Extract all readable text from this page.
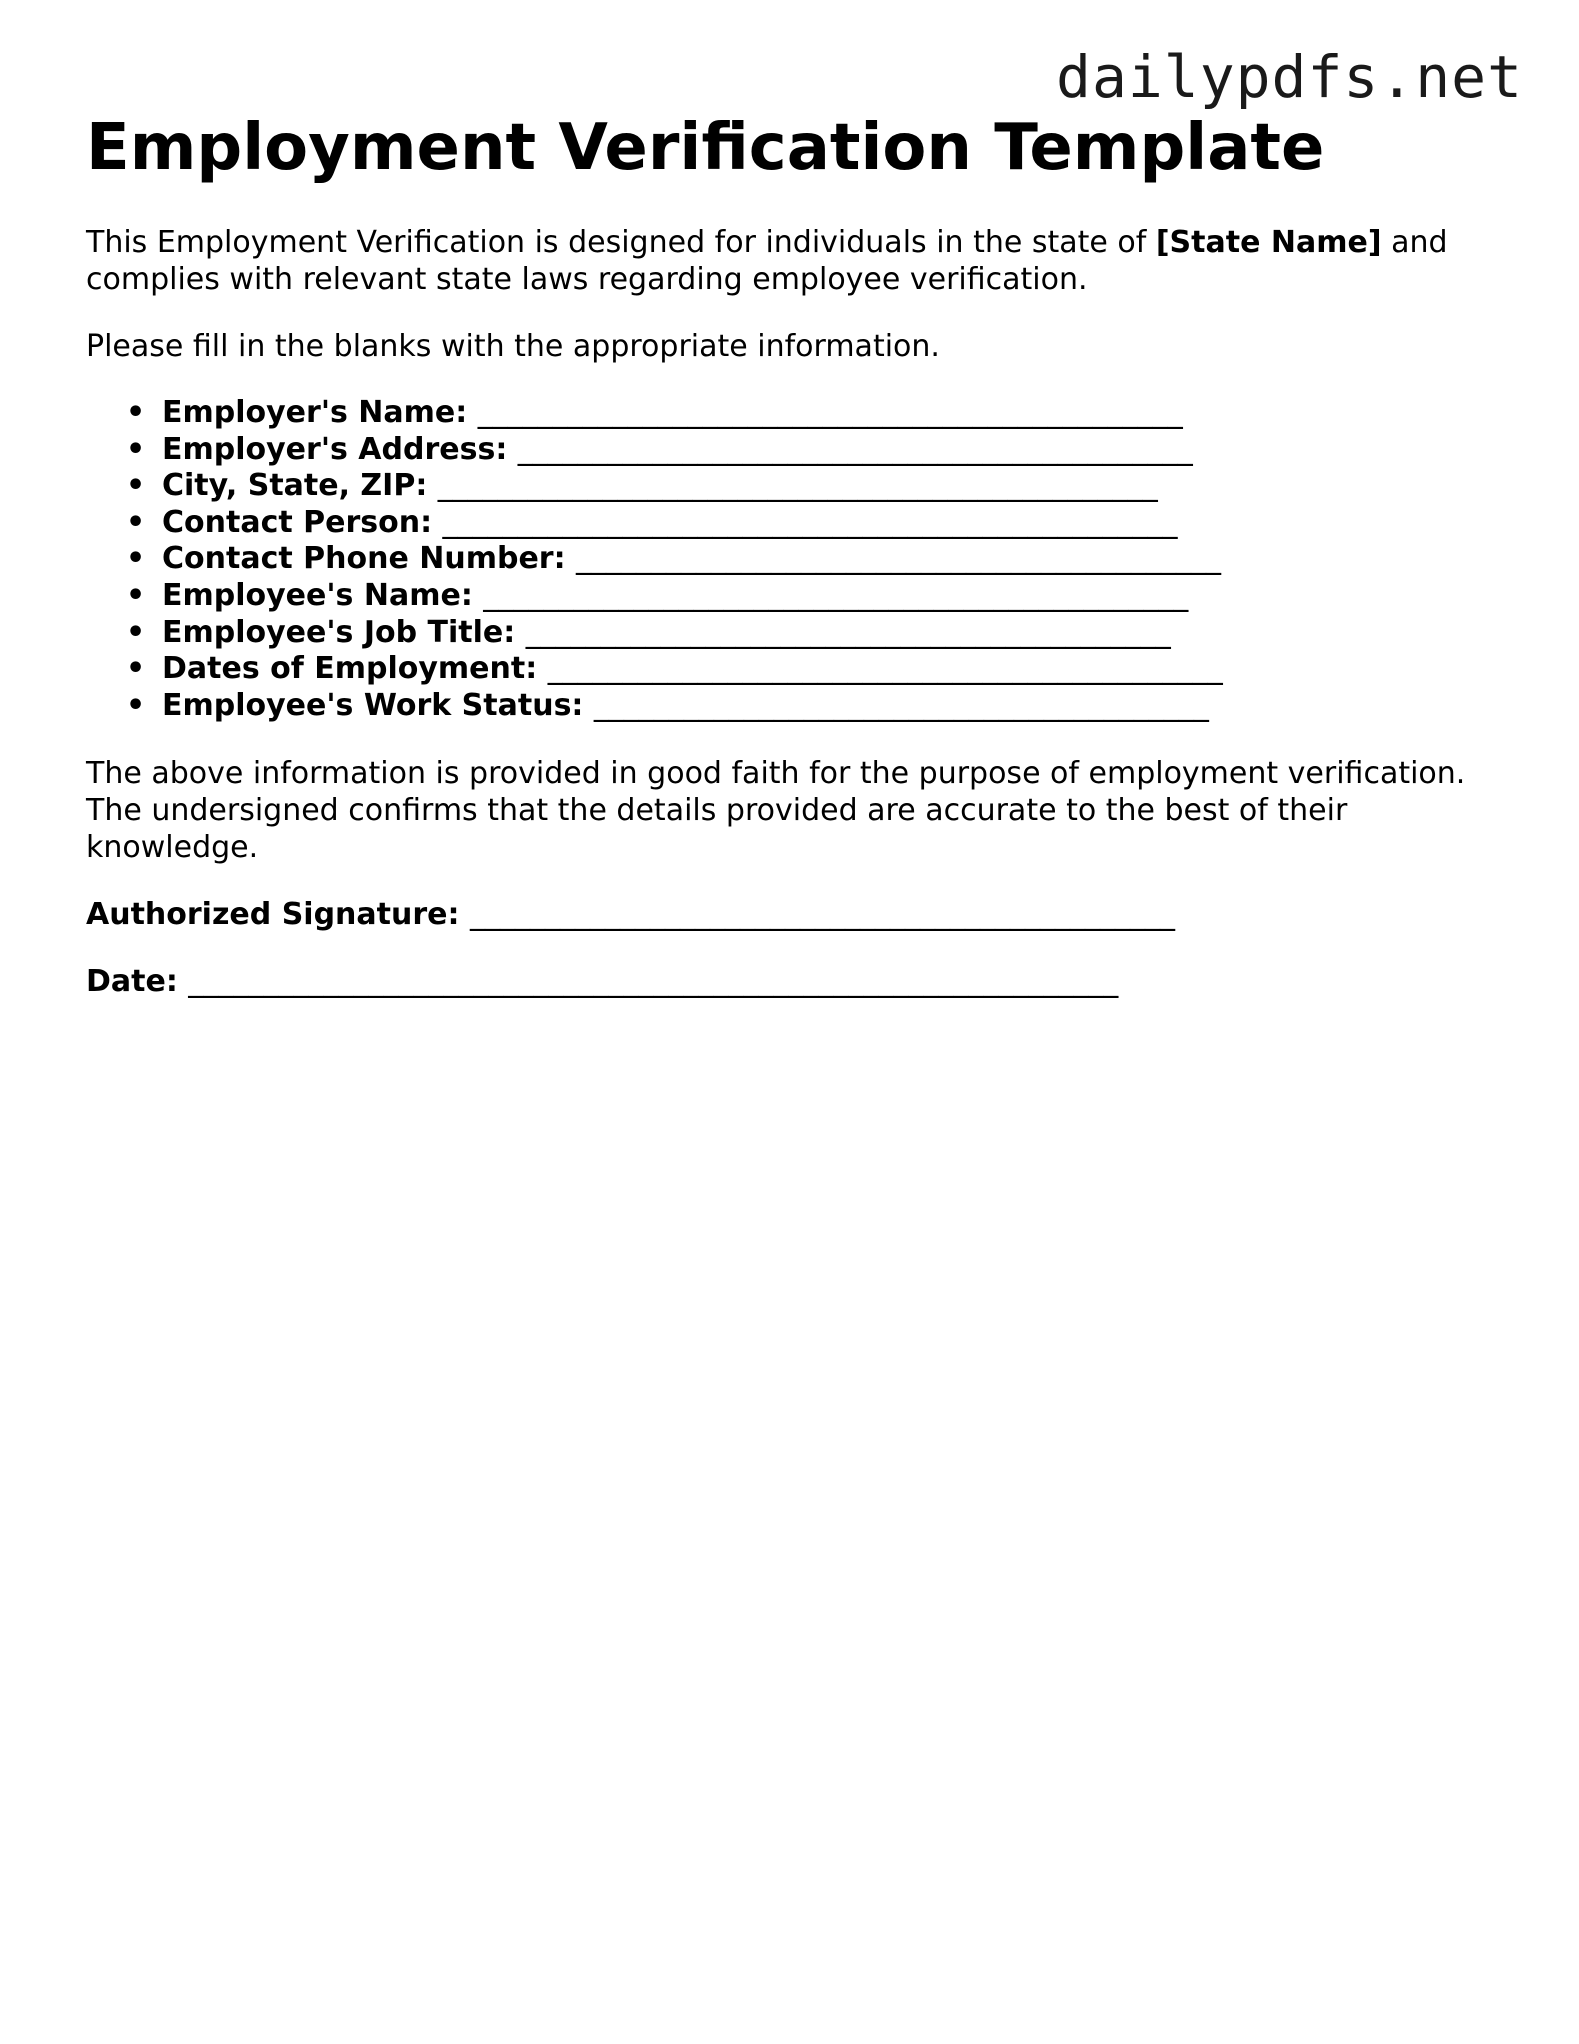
dailypdfs.net
Employment Verification Template

This Employment Verification is designed for individuals in the state of [State Name] and complies with relevant state laws regarding employee verification.

Please fill in the blanks with the appropriate information.

• Employer's Name: _______________________________________________
• Employer's Address: _____________________________________________
• City, State, ZIP: ________________________________________________
• Contact Person: _________________________________________________
• Contact Phone Number: ___________________________________________
• Employee's Name: _______________________________________________
• Employee's Job Title: ___________________________________________
• Dates of Employment: _____________________________________________
• Employee's Work Status: _________________________________________

The above information is provided in good faith for the purpose of employment verification. The undersigned confirms that the details provided are accurate to the best of their knowledge.

Authorized Signature: _______________________________________________
Date: ______________________________________________________________
